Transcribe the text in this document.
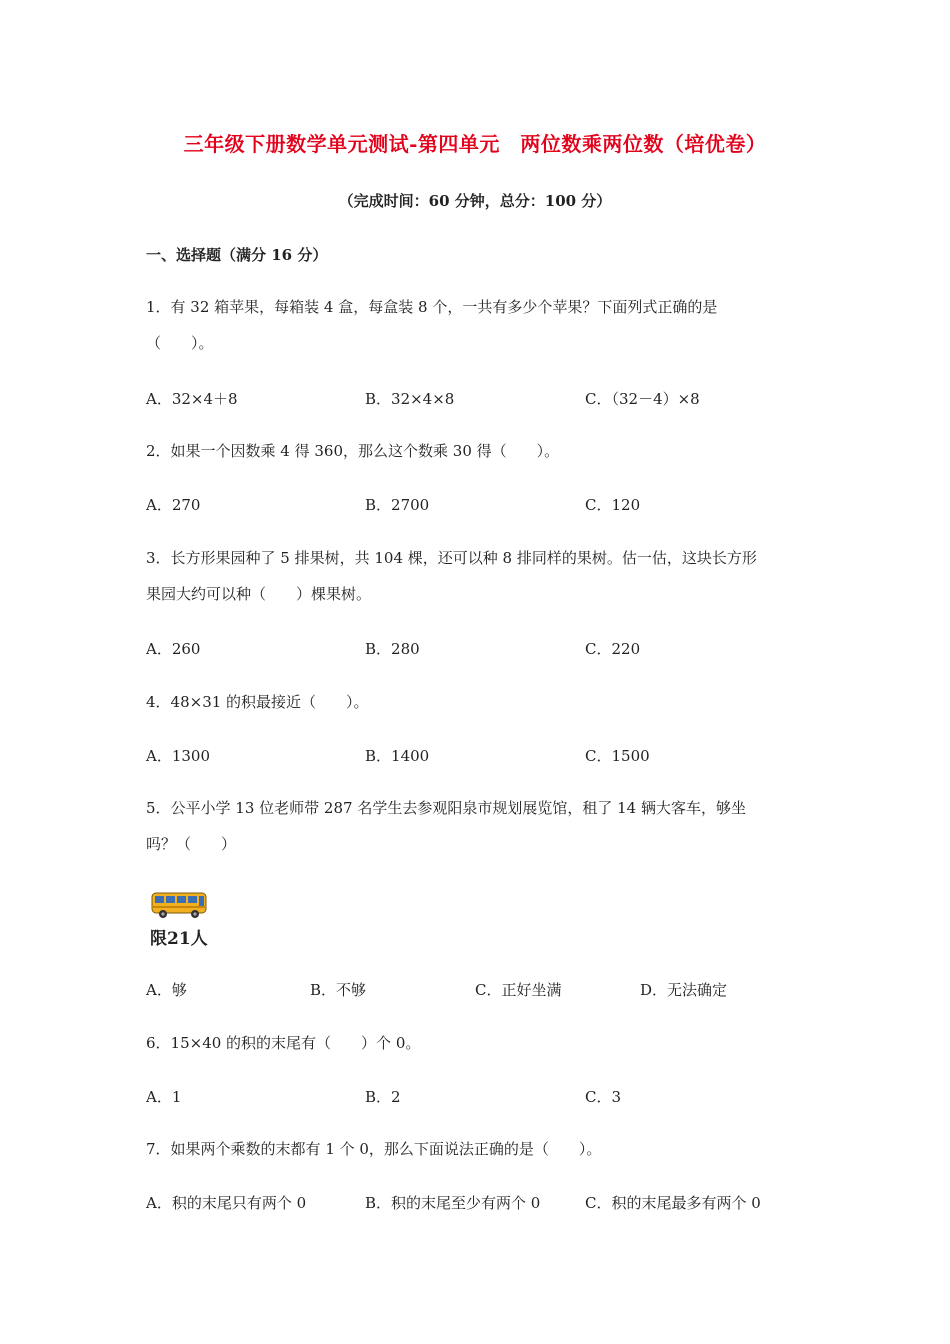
三年级下册数学单元测试-第四单元　两位数乘两位数（培优卷）
（完成时间：60 分钟，总分：100 分）
一、选择题（满分 16 分）
1．有 32 箱苹果，每箱装 4 盒，每盒装 8 个，一共有多少个苹果？下面列式正确的是
（　　）。
A．32×4＋8	B．32×4×8	C．（32－4）×8
2．如果一个因数乘 4 得 360，那么这个数乘 30 得（　　）。
A．270	B．2700	C．120
3．长方形果园种了 5 排果树，共 104 棵，还可以种 8 排同样的果树。估一估，这块长方形
果园大约可以种（　　）棵果树。
A．260	B．280	C．220
4．48×31 的积最接近（　　）。
A．1300	B．1400	C．1500
5．公平小学 13 位老师带 287 名学生去参观阳泉市规划展览馆，租了 14 辆大客车，够坐
吗？（　　）
限21人
A．够	B．不够	C．正好坐满	D．无法确定
6．15×40 的积的末尾有（　　）个 0。
A．1	B．2	C．3
7．如果两个乘数的末都有 1 个 0，那么下面说法正确的是（　　）。
A．积的末尾只有两个 0	B．积的末尾至少有两个 0	C．积的末尾最多有两个 0
